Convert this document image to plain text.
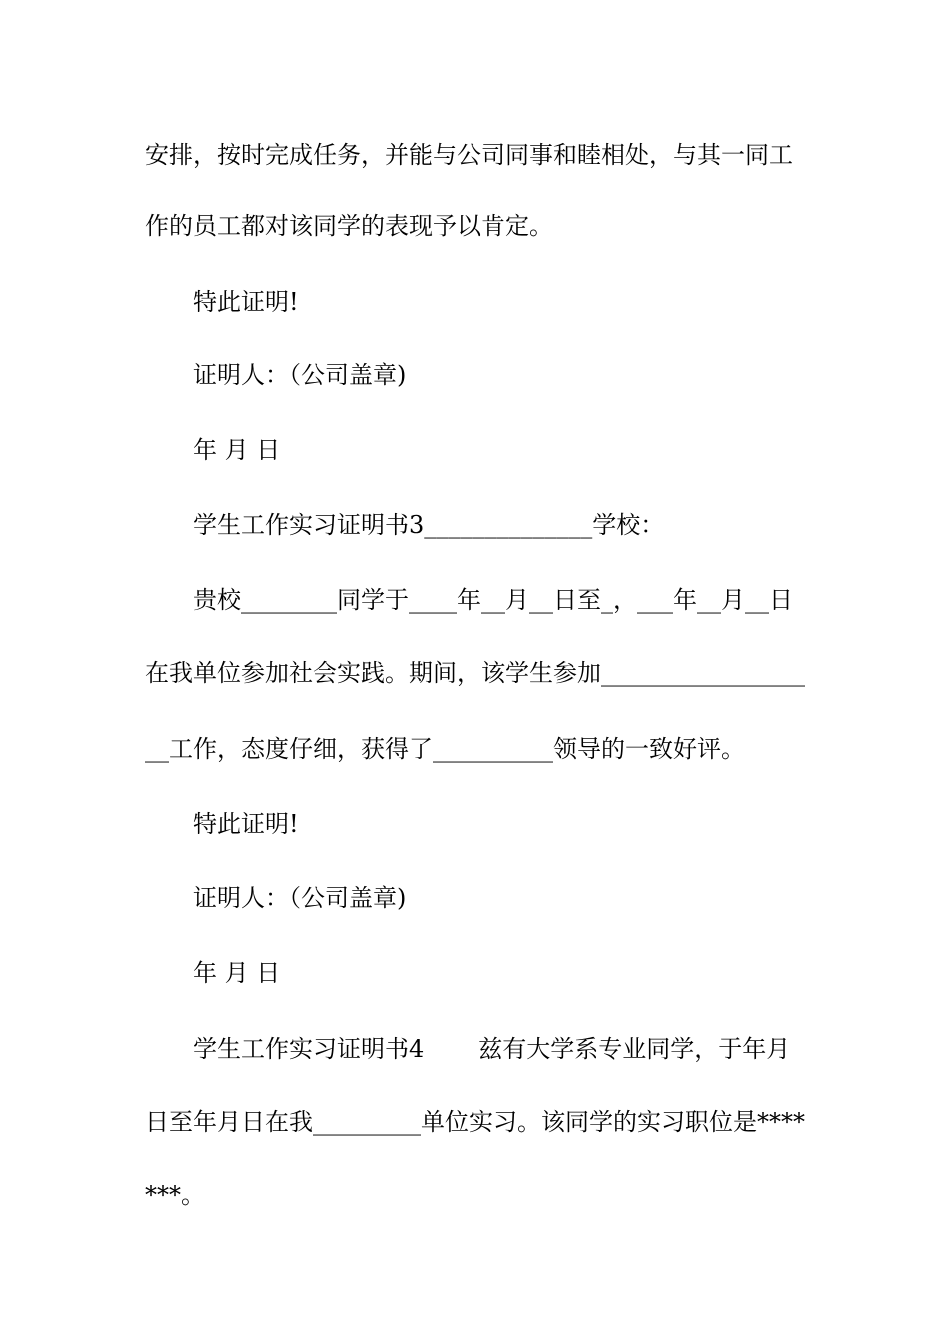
安排，按时完成任务，并能与公司同事和睦相处，与其一同工
作的员工都对该同学的表现予以肯定。
特此证明!
证明人：（公司盖章)
年 月 日
学生工作实习证明书3______________学校：
贵校________同学于____年__月__日至_，___年__月__日
在我单位参加社会实践。期间，该学生参加_________________
__工作，态度仔细，获得了__________领导的一致好评。
特此证明!
证明人：（公司盖章)
年 月 日
学生工作实习证明书4 兹有大学系专业同学，于年月
日至年月日在我_________单位实习。该同学的实习职位是****
***。
